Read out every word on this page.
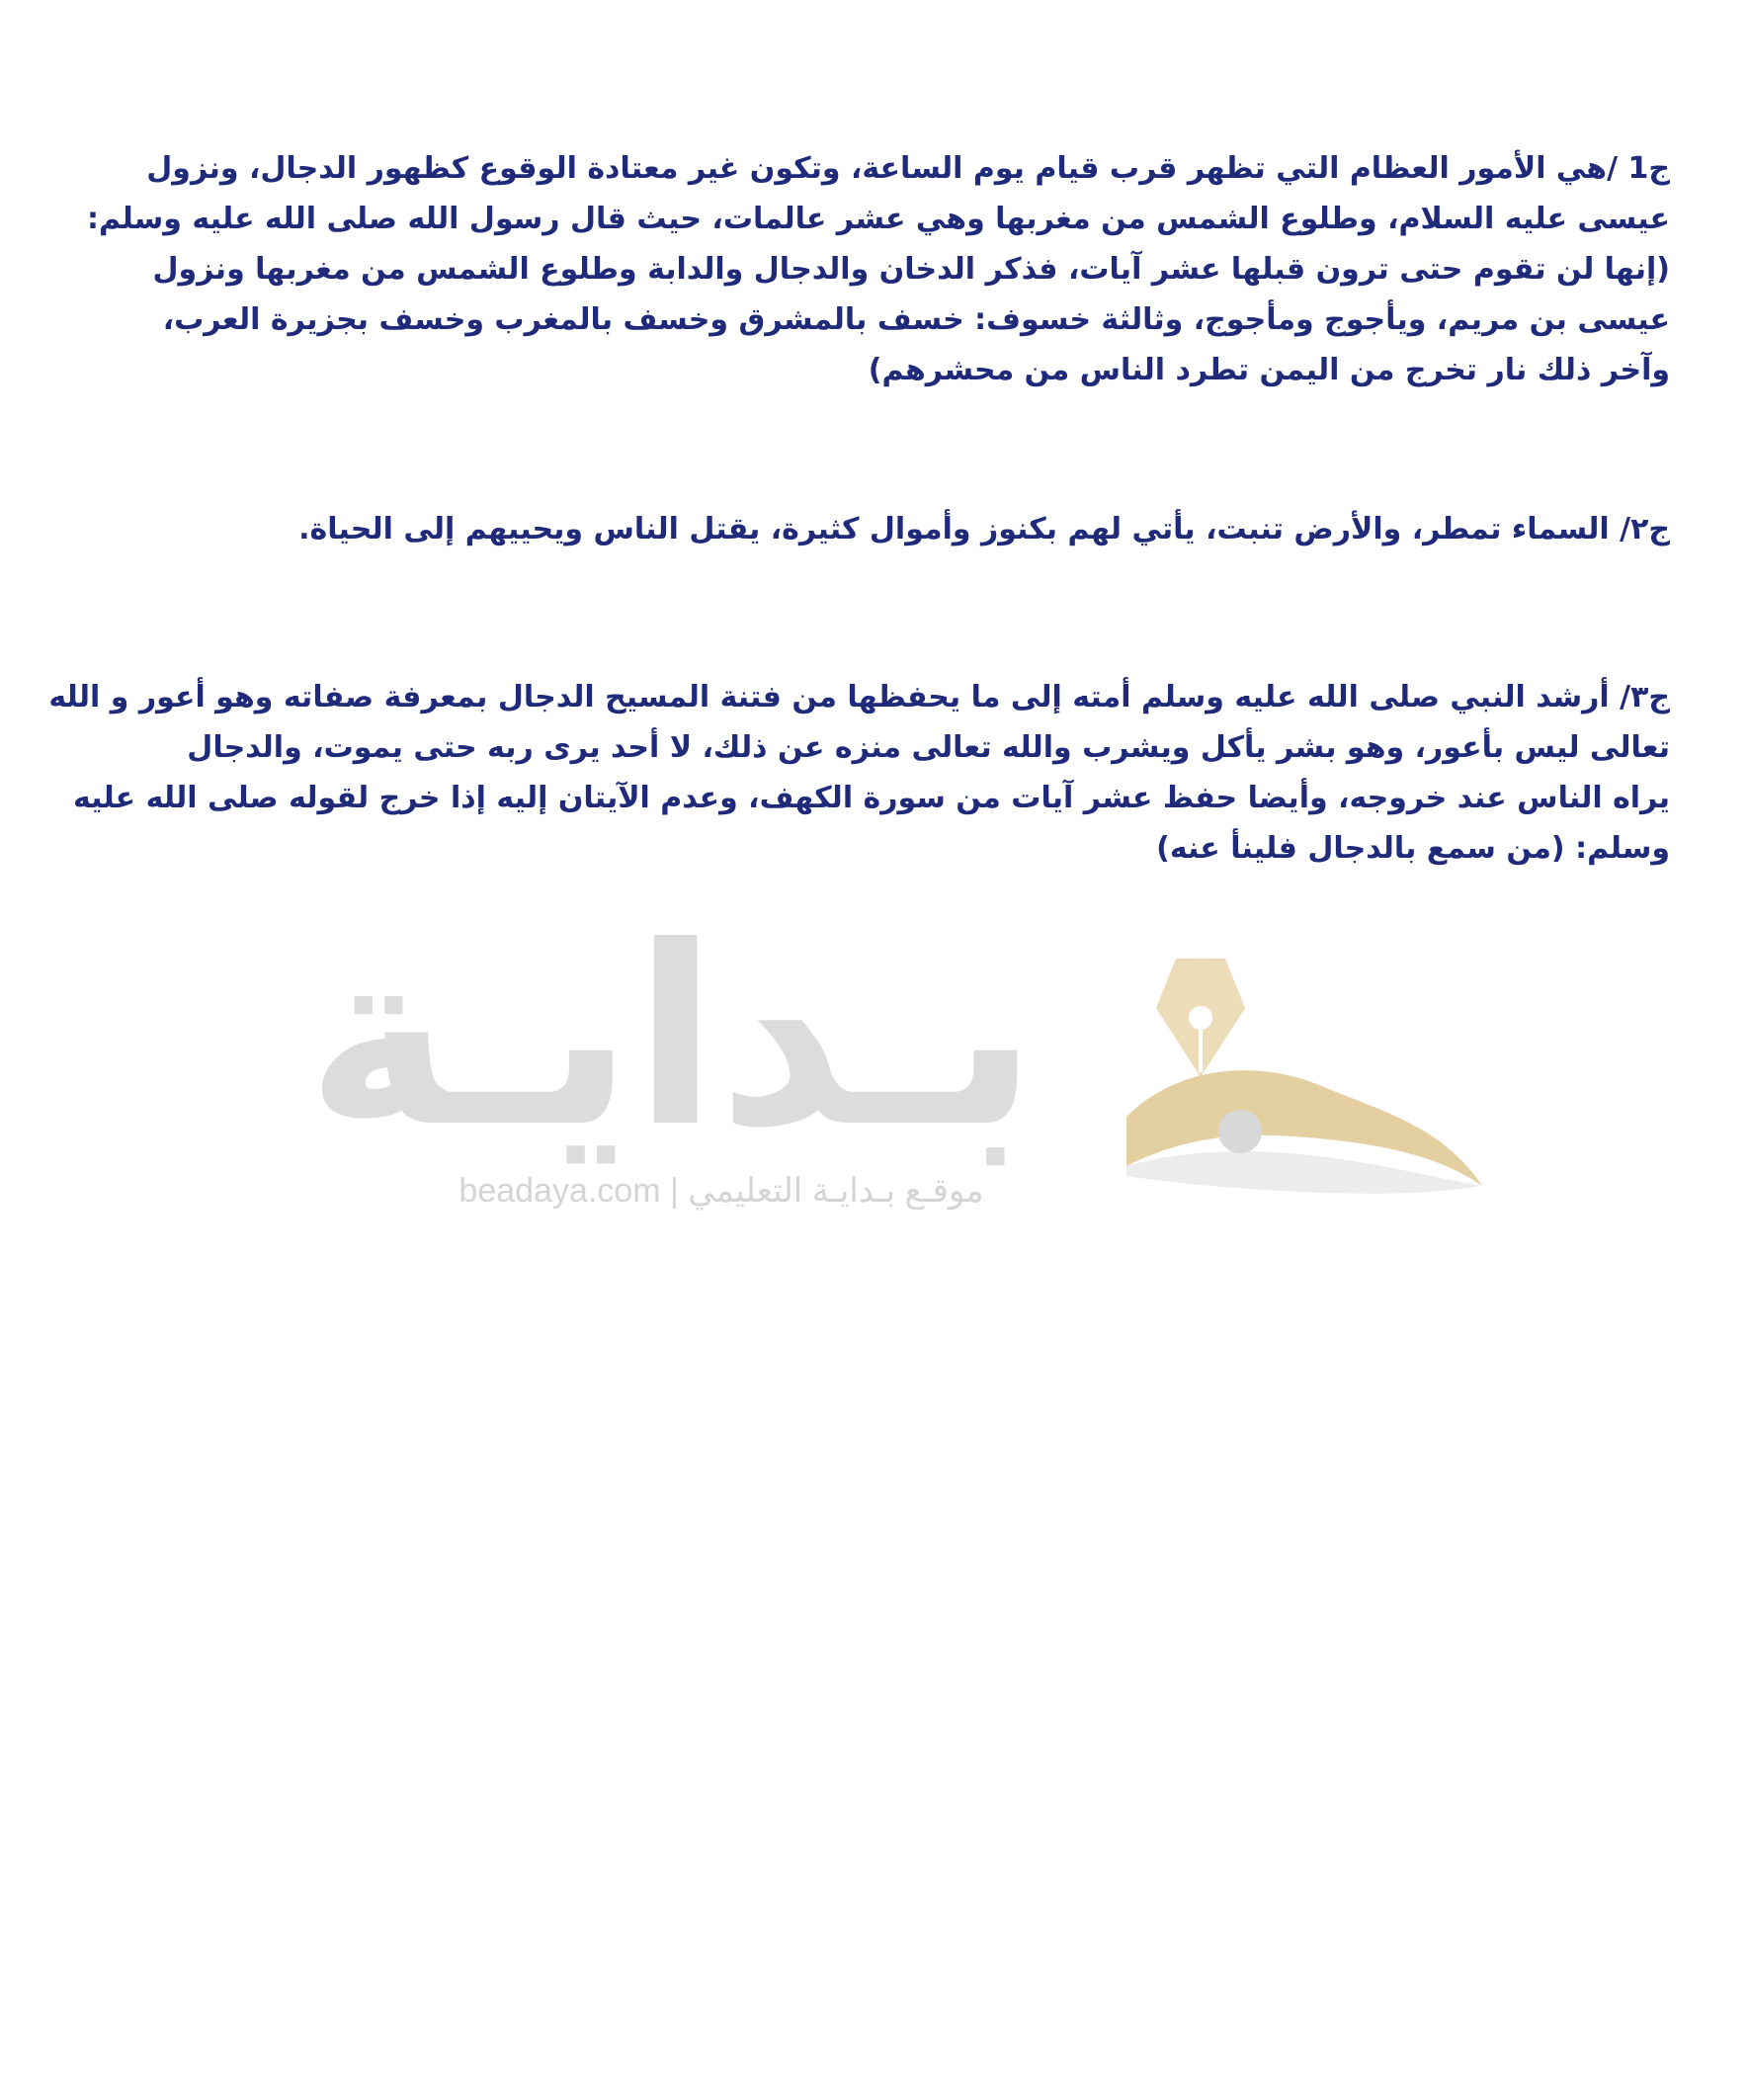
ج1 /هي الأمور العظام التي تظهر قرب قيام يوم الساعة، وتكون غير معتادة الوقوع كظهور الدجال، ونزول
عيسى عليه السلام، وطلوع الشمس من مغربها وهي عشر عالمات، حيث قال رسول الله صلى الله عليه وسلم:
(إنها لن تقوم حتى ترون قبلها عشر آيات، فذكر الدخان والدجال والدابة وطلوع الشمس من مغربها ونزول
عيسى بن مريم، ويأجوج ومأجوج، وثالثة خسوف: خسف بالمشرق وخسف بالمغرب وخسف بجزيرة العرب،
وآخر ذلك نار تخرج من اليمن تطرد الناس من محشرهم)
ج٢/ السماء تمطر، والأرض تنبت، يأتي لهم بكنوز وأموال كثيرة، يقتل الناس ويحييهم إلى الحياة.
ج٣/ أرشد النبي صلى الله عليه وسلم أمته إلى ما يحفظها من فتنة المسيح الدجال بمعرفة صفاته وهو أعور و الله
تعالى ليس بأعور، وهو بشر يأكل ويشرب والله تعالى منزه عن ذلك، لا أحد يرى ربه حتى يموت، والدجال
يراه الناس عند خروجه، وأيضا حفظ عشر آيات من سورة الكهف، وعدم الآيتان إليه إذا خرج لقوله صلى الله عليه
وسلم: (من سمع بالدجال فلينأ عنه)
بـدايـة
beadaya.com | موقـع بـدايـة التعليمي
